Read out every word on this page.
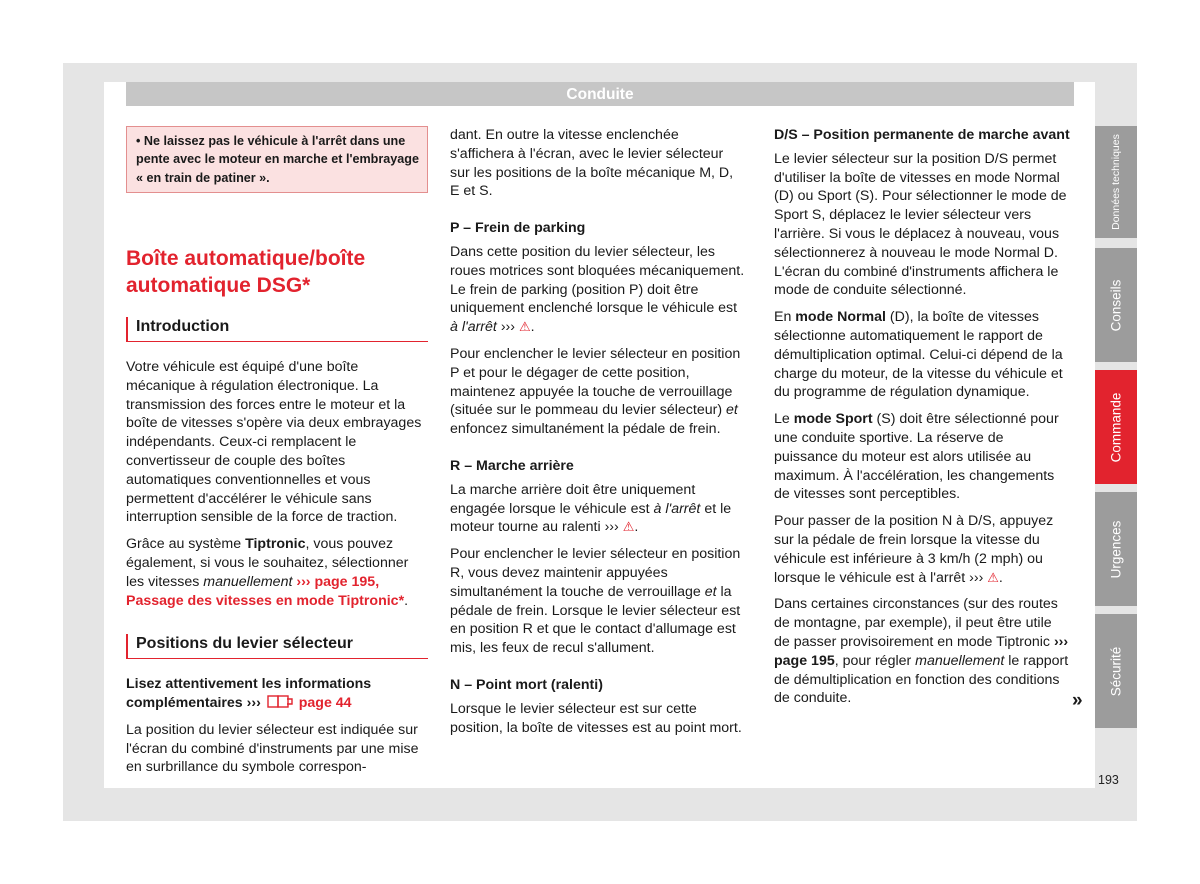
Conduite
• Ne laissez pas le véhicule à l'arrêt dans une pente avec le moteur en marche et l'embrayage « en train de patiner ».
Boîte automatique/boîte automatique DSG*
Introduction

Votre véhicule est équipé d'une boîte mécanique à régulation électronique. La transmission des forces entre le moteur et la boîte de vitesses s'opère via deux embrayages indépendants. Ceux-ci remplacent le convertisseur de couple des boîtes automatiques conventionnelles et vous permettent d'accélérer le véhicule sans interruption sensible de la force de traction.

Grâce au système Tiptronic, vous pouvez également, si vous le souhaitez, sélectionner les vitesses manuellement ››› page 195, Passage des vitesses en mode Tiptronic*.

Positions du levier sélecteur

Lisez attentivement les informations complémentaires ›››	page 44

La position du levier sélecteur est indiquée sur l'écran du combiné d'instruments par une mise en surbrillance du symbole correspon-

dant. En outre la vitesse enclenchée s'affichera à l'écran, avec le levier sélecteur sur les positions de la boîte mécanique M, D, E et S.

P – Frein de parking

Dans cette position du levier sélecteur, les roues motrices sont bloquées mécaniquement. Le frein de parking (position P) doit être uniquement enclenché lorsque le véhicule est à l'arrêt ››› ⚠.

Pour enclencher le levier sélecteur en position P et pour le dégager de cette position, maintenez appuyée la touche de verrouillage (située sur le pommeau du levier sélecteur) et enfoncez simultanément la pédale de frein.

R – Marche arrière

La marche arrière doit être uniquement engagée lorsque le véhicule est à l'arrêt et le moteur tourne au ralenti ››› ⚠.

Pour enclencher le levier sélecteur en position R, vous devez maintenir appuyées simultanément la touche de verrouillage et la pédale de frein. Lorsque le levier sélecteur est en position R et que le contact d'allumage est mis, les feux de recul s'allument.

N – Point mort (ralenti)

Lorsque le levier sélecteur est sur cette position, la boîte de vitesses est au point mort.

D/S – Position permanente de marche avant

Le levier sélecteur sur la position D/S permet d'utiliser la boîte de vitesses en mode Normal (D) ou Sport (S). Pour sélectionner le mode de Sport S, déplacez le levier sélecteur vers l'arrière. Si vous le déplacez à nouveau, vous sélectionnerez à nouveau le mode Normal D. L'écran du combiné d'instruments affichera le mode de conduite sélectionné.

En mode Normal (D), la boîte de vitesses sélectionne automatiquement le rapport de démultiplication optimal. Celui-ci dépend de la charge du moteur, de la vitesse du véhicule et du programme de régulation dynamique.

Le mode Sport (S) doit être sélectionné pour une conduite sportive. La réserve de puissance du moteur est alors utilisée au maximum. À l'accélération, les changements de vitesses sont perceptibles.

Pour passer de la position N à D/S, appuyez sur la pédale de frein lorsque la vitesse du véhicule est inférieure à 3 km/h (2 mph) ou lorsque le véhicule est à l'arrêt ››› ⚠.

Dans certaines circonstances (sur des routes de montagne, par exemple), il peut être utile de passer provisoirement en mode Tiptronic ››› page 195, pour régler manuellement le rapport de démultiplication en fonction des conditions de conduite.	»
Données techniques
Conseils
Commande
Urgences
Sécurité
193
